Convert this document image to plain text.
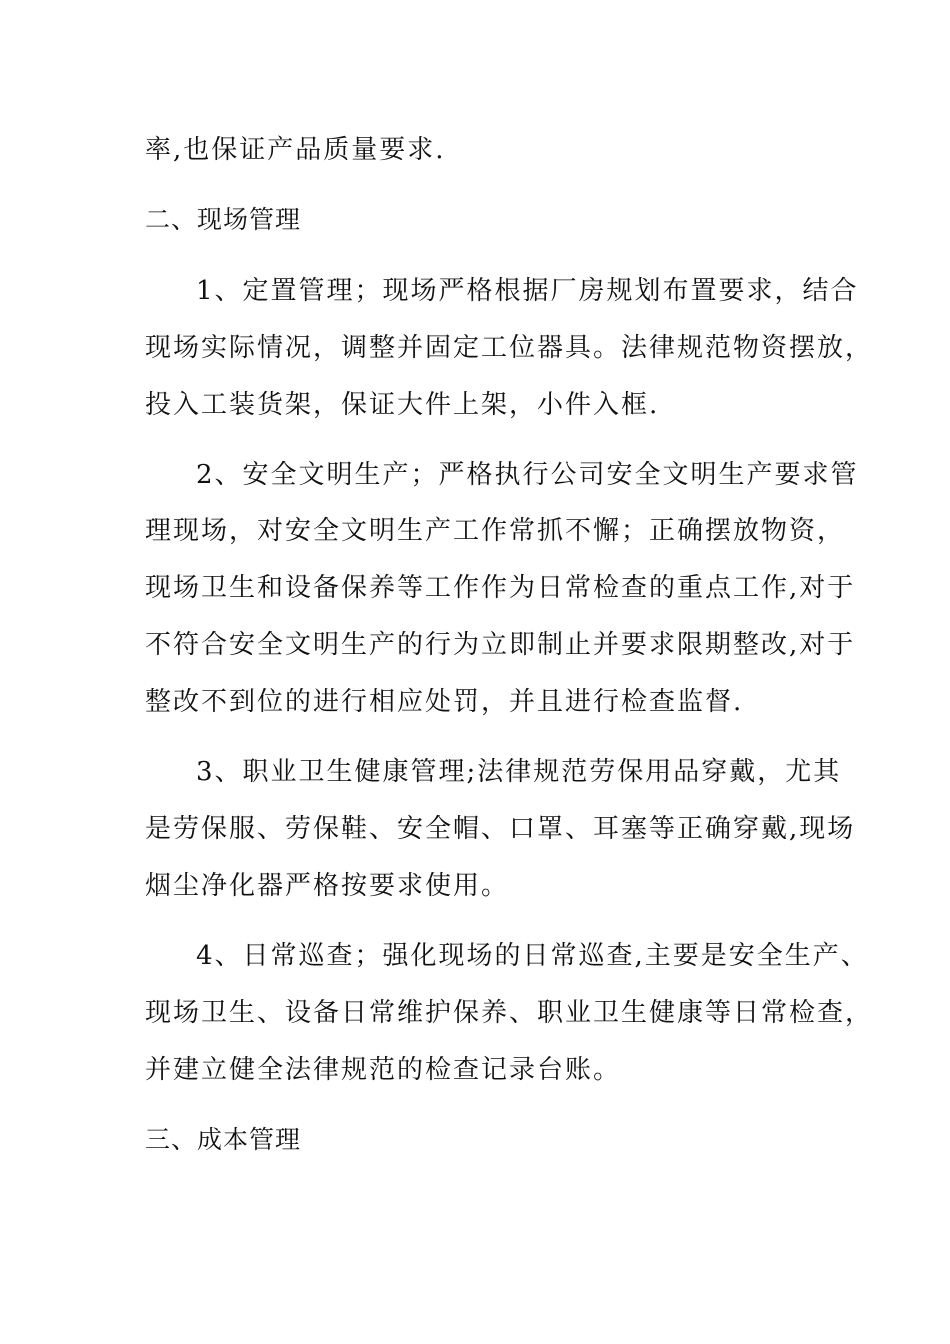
率,也保证产品质量要求.
二、现场管理
1、定置管理；现场严格根据厂房规划布置要求，结合
现场实际情况，调整并固定工位器具。法律规范物资摆放，
投入工装货架，保证大件上架，小件入框.
2、安全文明生产；严格执行公司安全文明生产要求管
理现场，对安全文明生产工作常抓不懈；正确摆放物资，
现场卫生和设备保养等工作作为日常检查的重点工作,对于
不符合安全文明生产的行为立即制止并要求限期整改,对于
整改不到位的进行相应处罚，并且进行检查监督.
3、职业卫生健康管理;法律规范劳保用品穿戴，尤其
是劳保服、劳保鞋、安全帽、口罩、耳塞等正确穿戴,现场
烟尘净化器严格按要求使用。
4、日常巡查；强化现场的日常巡查,主要是安全生产、
现场卫生、设备日常维护保养、职业卫生健康等日常检查，
并建立健全法律规范的检查记录台账。
三、成本管理
